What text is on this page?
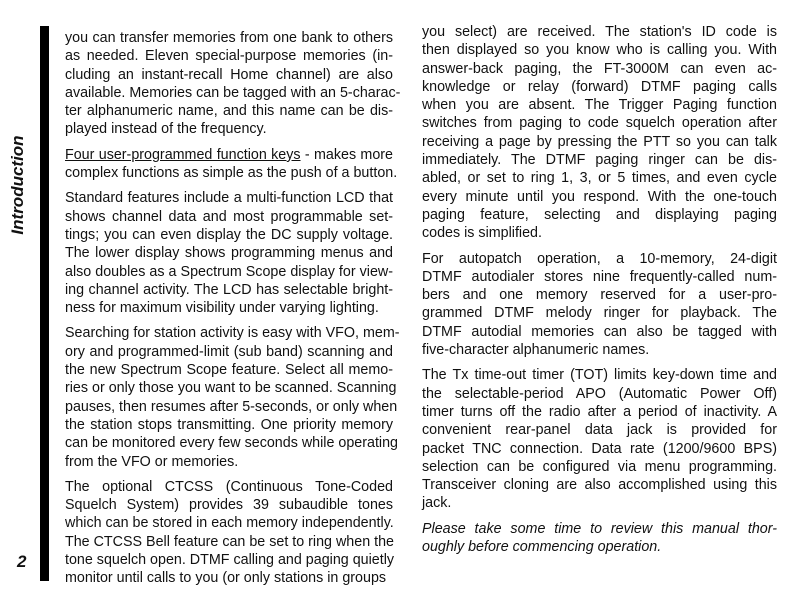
Introduction
2
you can transfer memories from one bank to others
as needed. Eleven special-purpose memories (in-
cluding an instant-recall Home channel) are also
available. Memories can be tagged with an 5-charac-
ter alphanumeric name, and this name can be dis-
played instead of the frequency.
Four user-programmed function keys - makes more
complex functions as simple as the push of a button.
Standard features include a multi-function LCD that
shows channel data and most programmable set-
tings; you can even display the DC supply voltage.
The lower display shows programming menus and
also doubles as a Spectrum Scope display for view-
ing channel activity. The LCD has selectable bright-
ness for maximum visibility under varying lighting.
Searching for station activity is easy with VFO, mem-
ory and programmed-limit (sub band) scanning and
the new Spectrum Scope feature. Select all memo-
ries or only those you want to be scanned. Scanning
pauses, then resumes after 5-seconds, or only when
the station stops transmitting. One priority memory
can be monitored every few seconds while operating
from the VFO or memories.
The optional CTCSS (Continuous Tone-Coded
Squelch System) provides 39 subaudible tones
which can be stored in each memory independently.
The CTCSS Bell feature can be set to ring when the
tone squelch open. DTMF calling and paging quietly
monitor until calls to you (or only stations in groups
you select) are received. The station's ID code is
then displayed so you know who is calling you. With
answer-back paging, the FT-3000M can even ac-
knowledge or relay (forward) DTMF paging calls
when you are absent. The Trigger Paging function
switches from paging to code squelch operation after
receiving a page by pressing the PTT so you can talk
immediately. The DTMF paging ringer can be dis-
abled, or set to ring 1, 3, or 5 times, and even cycle
every minute until you respond. With the one-touch
paging feature, selecting and displaying paging
codes is simplified.
For autopatch operation, a 10-memory, 24-digit
DTMF autodialer stores nine frequently-called num-
bers and one memory reserved for a user-pro-
grammed DTMF melody ringer for playback. The
DTMF autodial memories can also be tagged with
five-character alphanumeric names.
The Tx time-out timer (TOT) limits key-down time and
the selectable-period APO (Automatic Power Off)
timer turns off the radio after a period of inactivity. A
convenient rear-panel data jack is provided for
packet TNC connection. Data rate (1200/9600 BPS)
selection can be configured via menu programming.
Transceiver cloning are also accomplished using this
jack.
Please take some time to review this manual thor-
oughly before commencing operation.
